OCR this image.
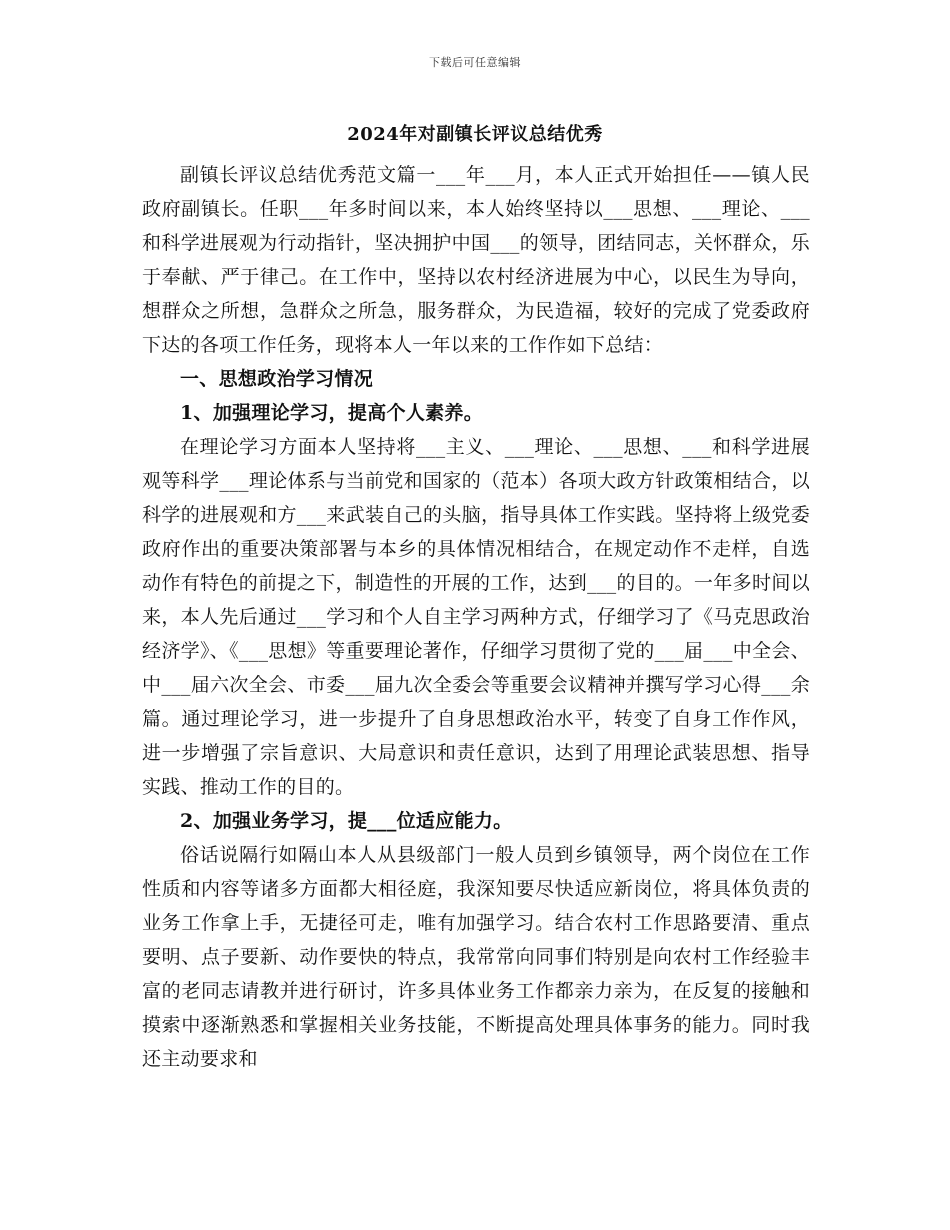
下载后可任意编辑
2024年对副镇长评议总结优秀

副镇长评议总结优秀范文篇一___年___月，本人正式开始担任——镇人民政府副镇长。任职___年多时间以来，本人始终坚持以___思想、___理论、___和科学进展观为行动指针，坚决拥护中国___的领导，团结同志，关怀群众，乐于奉献、严于律己。在工作中，坚持以农村经济进展为中心，以民生为导向，想群众之所想，急群众之所急，服务群众，为民造福，较好的完成了党委政府下达的各项工作任务，现将本人一年以来的工作作如下总结：

一、思想政治学习情况
1、加强理论学习，提高个人素养。

在理论学习方面本人坚持将___主义、___理论、___思想、___和科学进展观等科学___理论体系与当前党和国家的（范本）各项大政方针政策相结合，以科学的进展观和方___来武装自己的头脑，指导具体工作实践。坚持将上级党委政府作出的重要决策部署与本乡的具体情况相结合，在规定动作不走样，自选动作有特色的前提之下，制造性的开展的工作，达到___的目的。一年多时间以来，本人先后通过___学习和个人自主学习两种方式，仔细学习了《马克思政治经济学》、《___思想》等重要理论著作，仔细学习贯彻了党的___届___中全会、中___届六次全会、市委___届九次全委会等重要会议精神并撰写学习心得___余篇。通过理论学习，进一步提升了自身思想政治水平，转变了自身工作作风，进一步增强了宗旨意识、大局意识和责任意识，达到了用理论武装思想、指导实践、推动工作的目的。

2、加强业务学习，提___位适应能力。

俗话说隔行如隔山本人从县级部门一般人员到乡镇领导，两个岗位在工作性质和内容等诸多方面都大相径庭，我深知要尽快适应新岗位，将具体负责的业务工作拿上手，无捷径可走，唯有加强学习。结合农村工作思路要清、重点要明、点子要新、动作要快的特点，我常常向同事们特别是向农村工作经验丰富的老同志请教并进行研讨，许多具体业务工作都亲力亲为，在反复的接触和摸索中逐渐熟悉和掌握相关业务技能，不断提高处理具体事务的能力。同时我还主动要求和
